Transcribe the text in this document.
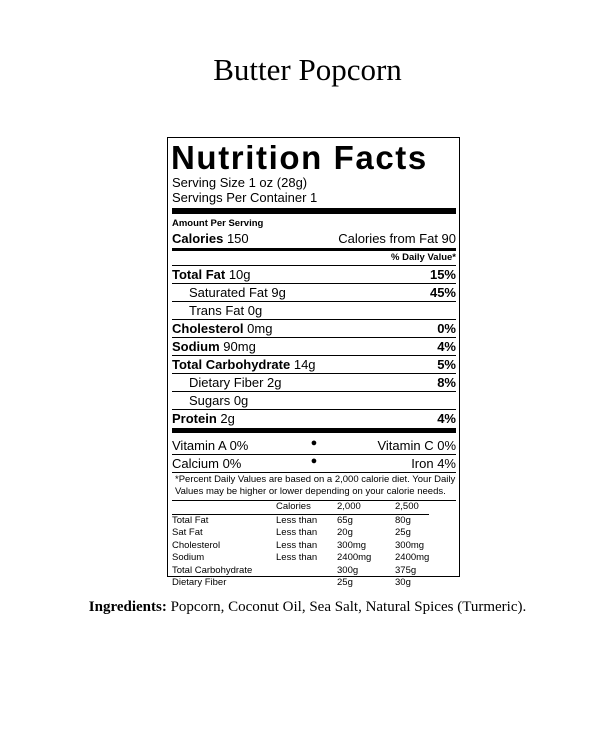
Butter Popcorn
Nutrition Facts
Serving Size 1 oz (28g)
Servings Per Container 1
Amount Per Serving
Calories 150	Calories from Fat 90
% Daily Value*
Total Fat 10g	15%
Saturated Fat 9g	45%
Trans Fat 0g
Cholesterol 0mg	0%
Sodium 90mg	4%
Total Carbohydrate 14g	5%
Dietary Fiber 2g	8%
Sugars 0g
Protein 2g	4%
Vitamin A 0%	●	Vitamin C 0%
Calcium 0%	●	Iron 4%
*Percent Daily Values are based on a 2,000 calorie diet. Your Daily Values may be higher or lower depending on your calorie needs.
	Calories	2,000	2,500
Total Fat	Less than	65g	80g
Sat Fat	Less than	20g	25g
Cholesterol	Less than	300mg	300mg
Sodium	Less than	2400mg	2400mg
Total Carbohydrate		300g	375g
Dietary Fiber		25g	30g
Ingredients: Popcorn, Coconut Oil, Sea Salt, Natural Spices (Turmeric).
